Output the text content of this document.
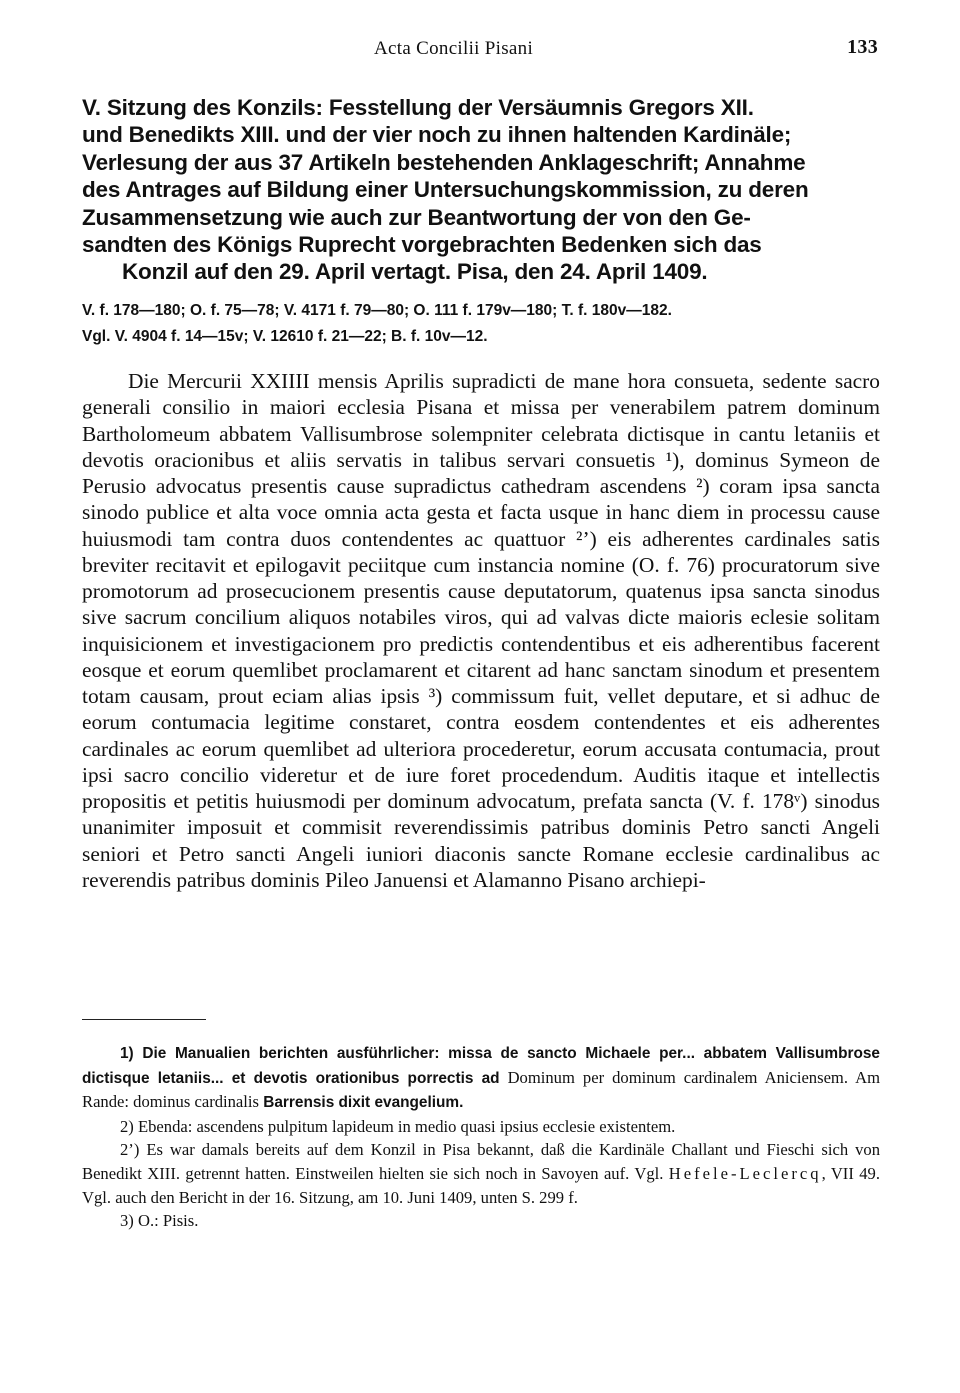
Acta Concilii Pisani	133
V. Sitzung des Konzils: Fesstellung der Versäumnis Gregors XII.
und Benedikts XIII. und der vier noch zu ihnen haltenden Kardinäle;
Verlesung der aus 37 Artikeln bestehenden Anklageschrift; Annahme
des Antrages auf Bildung einer Untersuchungskommission, zu deren
Zusammensetzung wie auch zur Beantwortung der von den Ge-
sandten des Königs Ruprecht vorgebrachten Bedenken sich das
Konzil auf den 29. April vertagt. Pisa, den 24. April 1409.
V. f. 178—180; O. f. 75—78; V. 4171 f. 79—80; O. 111 f. 179v—180; T. f. 180v—182.
Vgl. V. 4904 f. 14—15v; V. 12610 f. 21—22; B. f. 10v—12.

Die Mercurii XXIIII mensis Aprilis supradicti de mane hora consueta, sedente sacro generali consilio in maiori ecclesia Pisana et missa per venerabilem patrem dominum Bartholomeum abbatem Vallisumbrose solempniter celebrata dictisque in cantu letaniis et devotis oracionibus et aliis servatis in talibus servari consuetis ¹), dominus Symeon de Perusio advocatus presentis cause supradictus cathedram ascendens ²) coram ipsa sancta sinodo publice et alta voce omnia acta gesta et facta usque in hanc diem in processu cause huiusmodi tam contra duos contendentes ac quattuor ²’) eis adherentes cardinales satis breviter recitavit et epilogavit peciitque cum instancia nomine (O. f. 76) procuratorum sive promotorum ad prosecucionem presentis cause deputatorum, quatenus ipsa sancta sinodus sive sacrum concilium aliquos notabiles viros, qui ad valvas dicte maioris eclesie solitam inquisicionem et investigacionem pro predictis contendentibus et eis adherentibus facerent eosque et eorum quemlibet proclamarent et citarent ad hanc sanctam sinodum et presentem totam causam, prout eciam alias ipsis ³) commissum fuit, vellet deputare, et si adhuc de eorum contumacia legitime constaret, contra eosdem contendentes et eis adherentes cardinales ac eorum quemlibet ad ulteriora procederetur, eorum accusata contumacia, prout ipsi sacro concilio videretur et de iure foret procedendum. Auditis itaque et intellectis propositis et petitis huiusmodi per dominum advocatum, prefata sancta (V. f. 178ᵛ) sinodus unanimiter imposuit et commisit reverendissimis patribus dominis Petro sancti Angeli seniori et Petro sancti Angeli iuniori diaconis sancte Romane ecclesie cardinalibus ac reverendis patribus dominis Pileo Januensi et Alamanno Pisano archiepi-

1) Die Manualien berichten ausführlicher: missa de sancto Michaele per... abbatem Vallisumbrose dictisque letaniis... et devotis orationibus porrectis ad Dominum per dominum cardinalem Aniciensem. Am Rande: dominus cardinalis Barrensis dixit evangelium.

2) Ebenda: ascendens pulpitum lapideum in medio quasi ipsius ecclesie existentem.

2’) Es war damals bereits auf dem Konzil in Pisa bekannt, daß die Kardinäle Challant und Fieschi sich von Benedikt XIII. getrennt hatten. Einstweilen hielten sie sich noch in Savoyen auf. Vgl. Hefele-Leclercq, VII 49. Vgl. auch den Bericht in der 16. Sitzung, am 10. Juni 1409, unten S. 299 f.

3) O.: Pisis.
